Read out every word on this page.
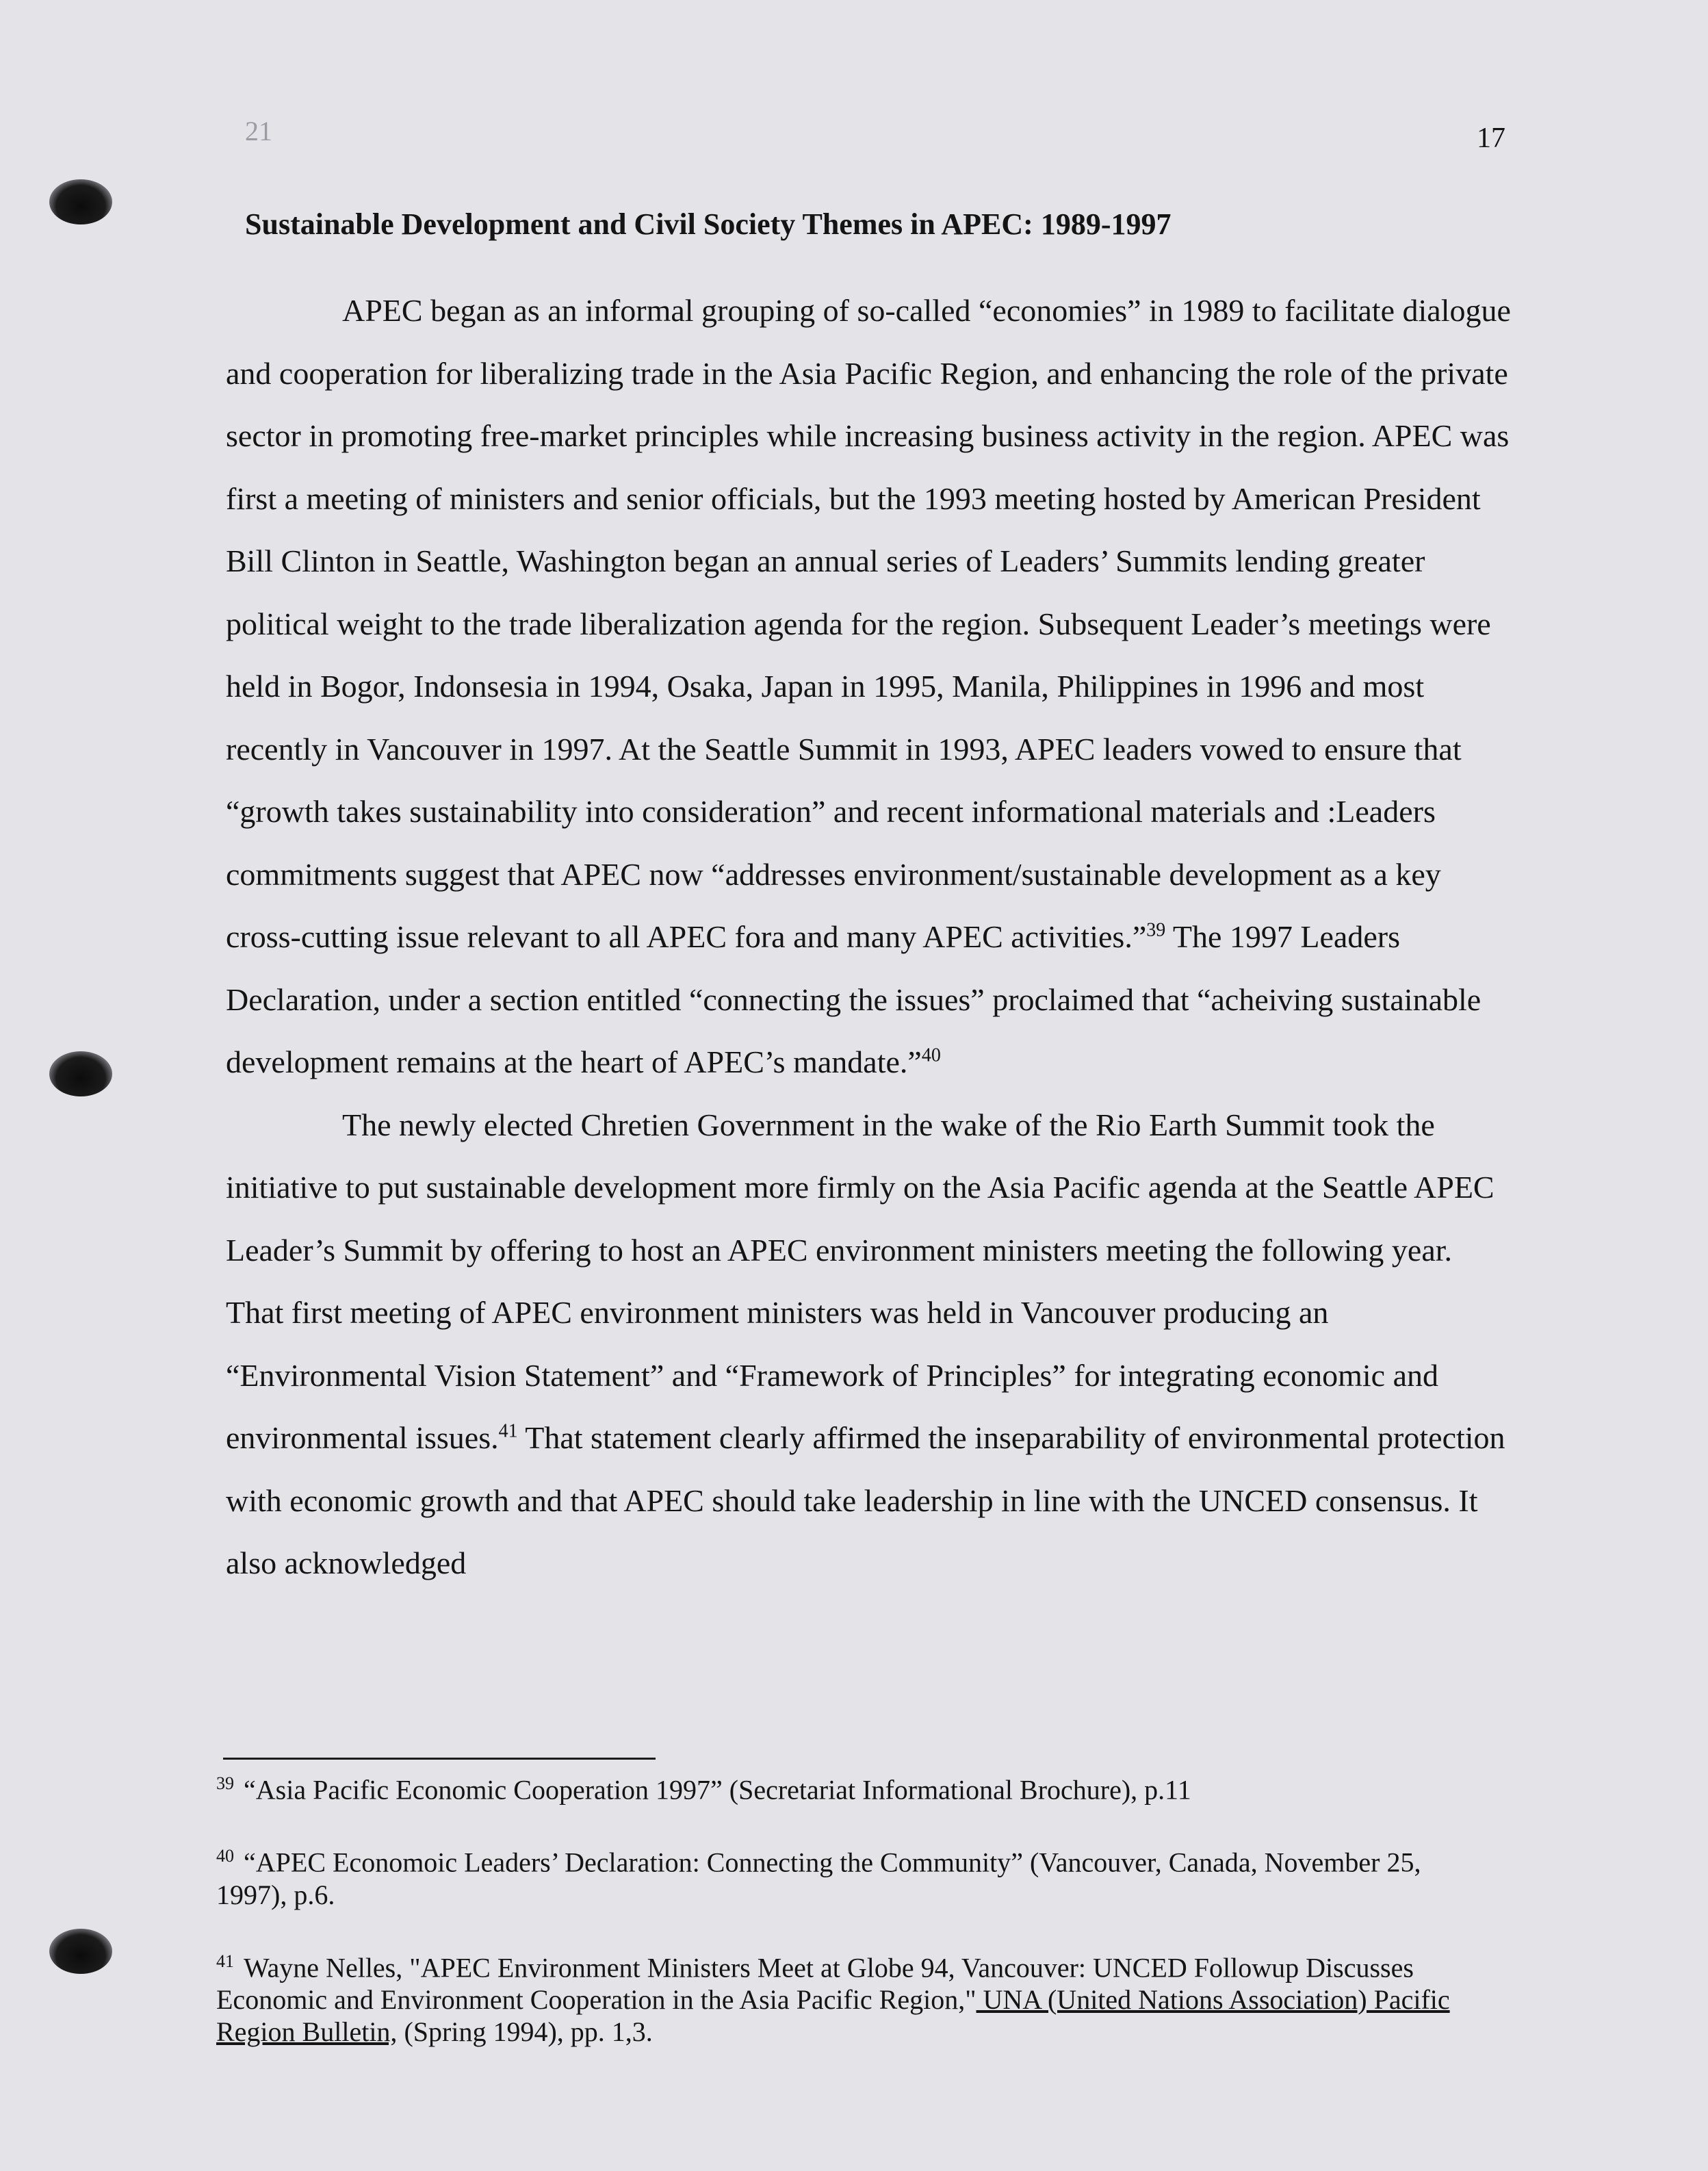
21	17
Sustainable Development and Civil Society Themes in APEC: 1989-1997

APEC began as an informal grouping of so-called “economies” in 1989 to facilitate dialogue and cooperation for liberalizing trade in the Asia Pacific Region, and enhancing the role of the private sector in promoting free-market principles while increasing business activity in the region. APEC was first a meeting of ministers and senior officials, but the 1993 meeting hosted by American President Bill Clinton in Seattle, Washington began an annual series of Leaders’ Summits lending greater political weight to the trade liberalization agenda for the region. Subsequent Leader’s meetings were held in Bogor, Indonsesia in 1994, Osaka, Japan in 1995, Manila, Philippines in 1996 and most recently in Vancouver in 1997. At the Seattle Summit in 1993, APEC leaders vowed to ensure that “growth takes sustainability into consideration” and recent informational materials and :Leaders commitments suggest that APEC now “addresses environment/sustainable development as a key cross-cutting issue relevant to all APEC fora and many APEC activities.”$^{39}$ The 1997 Leaders Declaration, under a section entitled “connecting the issues” proclaimed that “acheiving sustainable development remains at the heart of APEC’s mandate.”$^{40}$

The newly elected Chretien Government in the wake of the Rio Earth Summit took the initiative to put sustainable development more firmly on the Asia Pacific agenda at the Seattle APEC Leader’s Summit by offering to host an APEC environment ministers meeting the following year. That first meeting of APEC environment ministers was held in Vancouver producing an “Environmental Vision Statement” and “Framework of Principles” for integrating economic and environmental issues.$^{41}$ That statement clearly affirmed the inseparability of environmental protection with economic growth and that APEC should take leadership in line with the UNCED consensus. It also acknowledged

$^{39}$ “Asia Pacific Economic Cooperation 1997” (Secretariat Informational Brochure), p.11

$^{40}$ “APEC Economoic Leaders’ Declaration: Connecting the Community” (Vancouver, Canada, November 25, 1997), p.6.

$^{41}$ Wayne Nelles, "APEC Environment Ministers Meet at Globe 94, Vancouver: UNCED Followup Discusses Economic and Environment Cooperation in the Asia Pacific Region," UNA (United Nations Association) Pacific Region Bulletin, (Spring 1994), pp. 1,3.
